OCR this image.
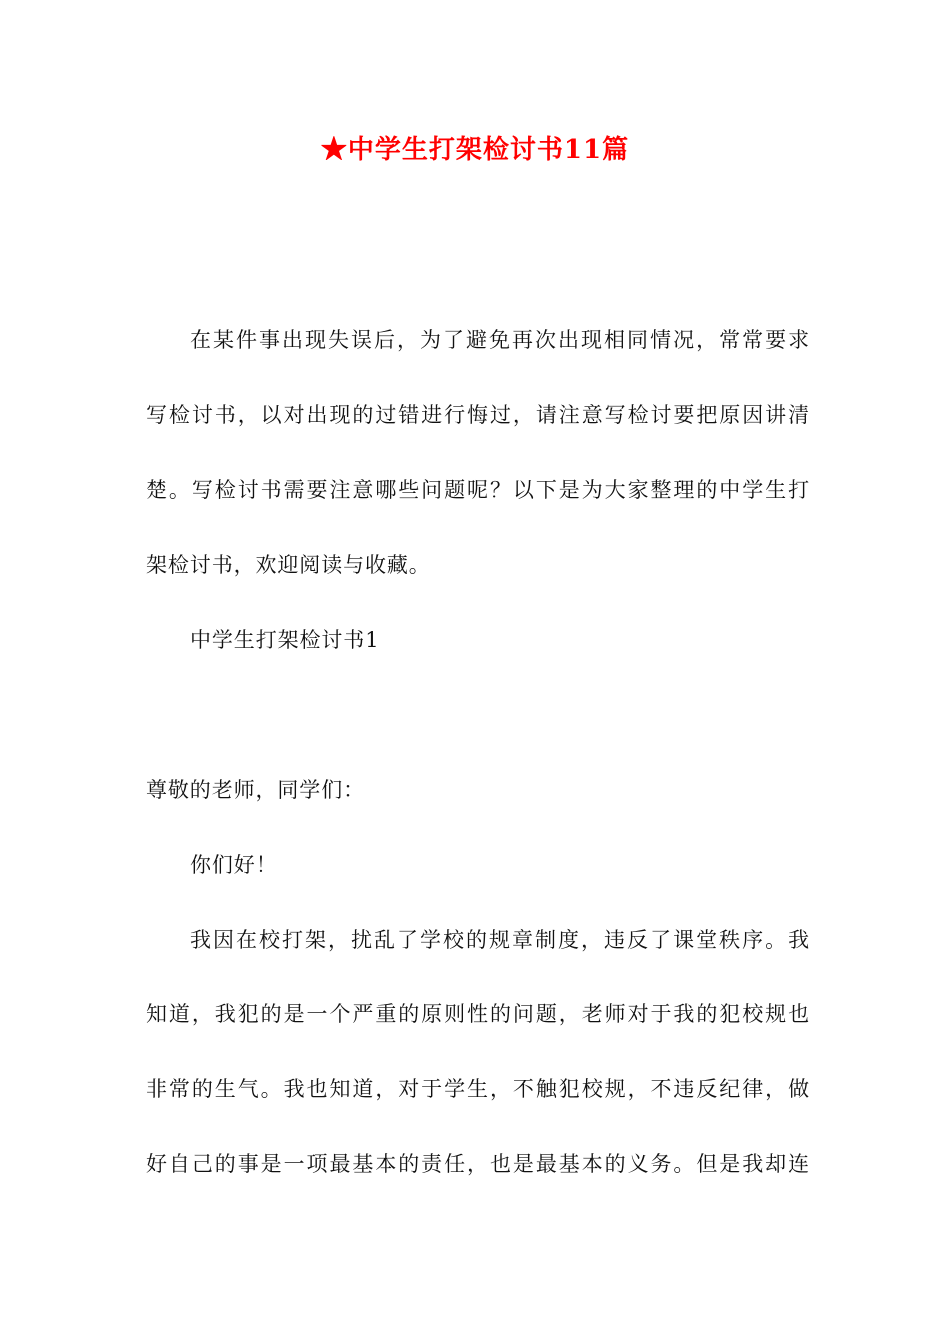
★中学生打架检讨书11篇
在某件事出现失误后，为了避免再次出现相同情况，常常要求
写检讨书，以对出现的过错进行悔过，请注意写检讨要把原因讲清
楚。写检讨书需要注意哪些问题呢？以下是为大家整理的中学生打
架检讨书，欢迎阅读与收藏。
中学生打架检讨书1
尊敬的老师，同学们：
你们好！
我因在校打架，扰乱了学校的规章制度，违反了课堂秩序。我
知道，我犯的是一个严重的原则性的问题，老师对于我的犯校规也
非常的生气。我也知道，对于学生，不触犯校规，不违反纪律，做
好自己的事是一项最基本的责任，也是最基本的义务。但是我却连
